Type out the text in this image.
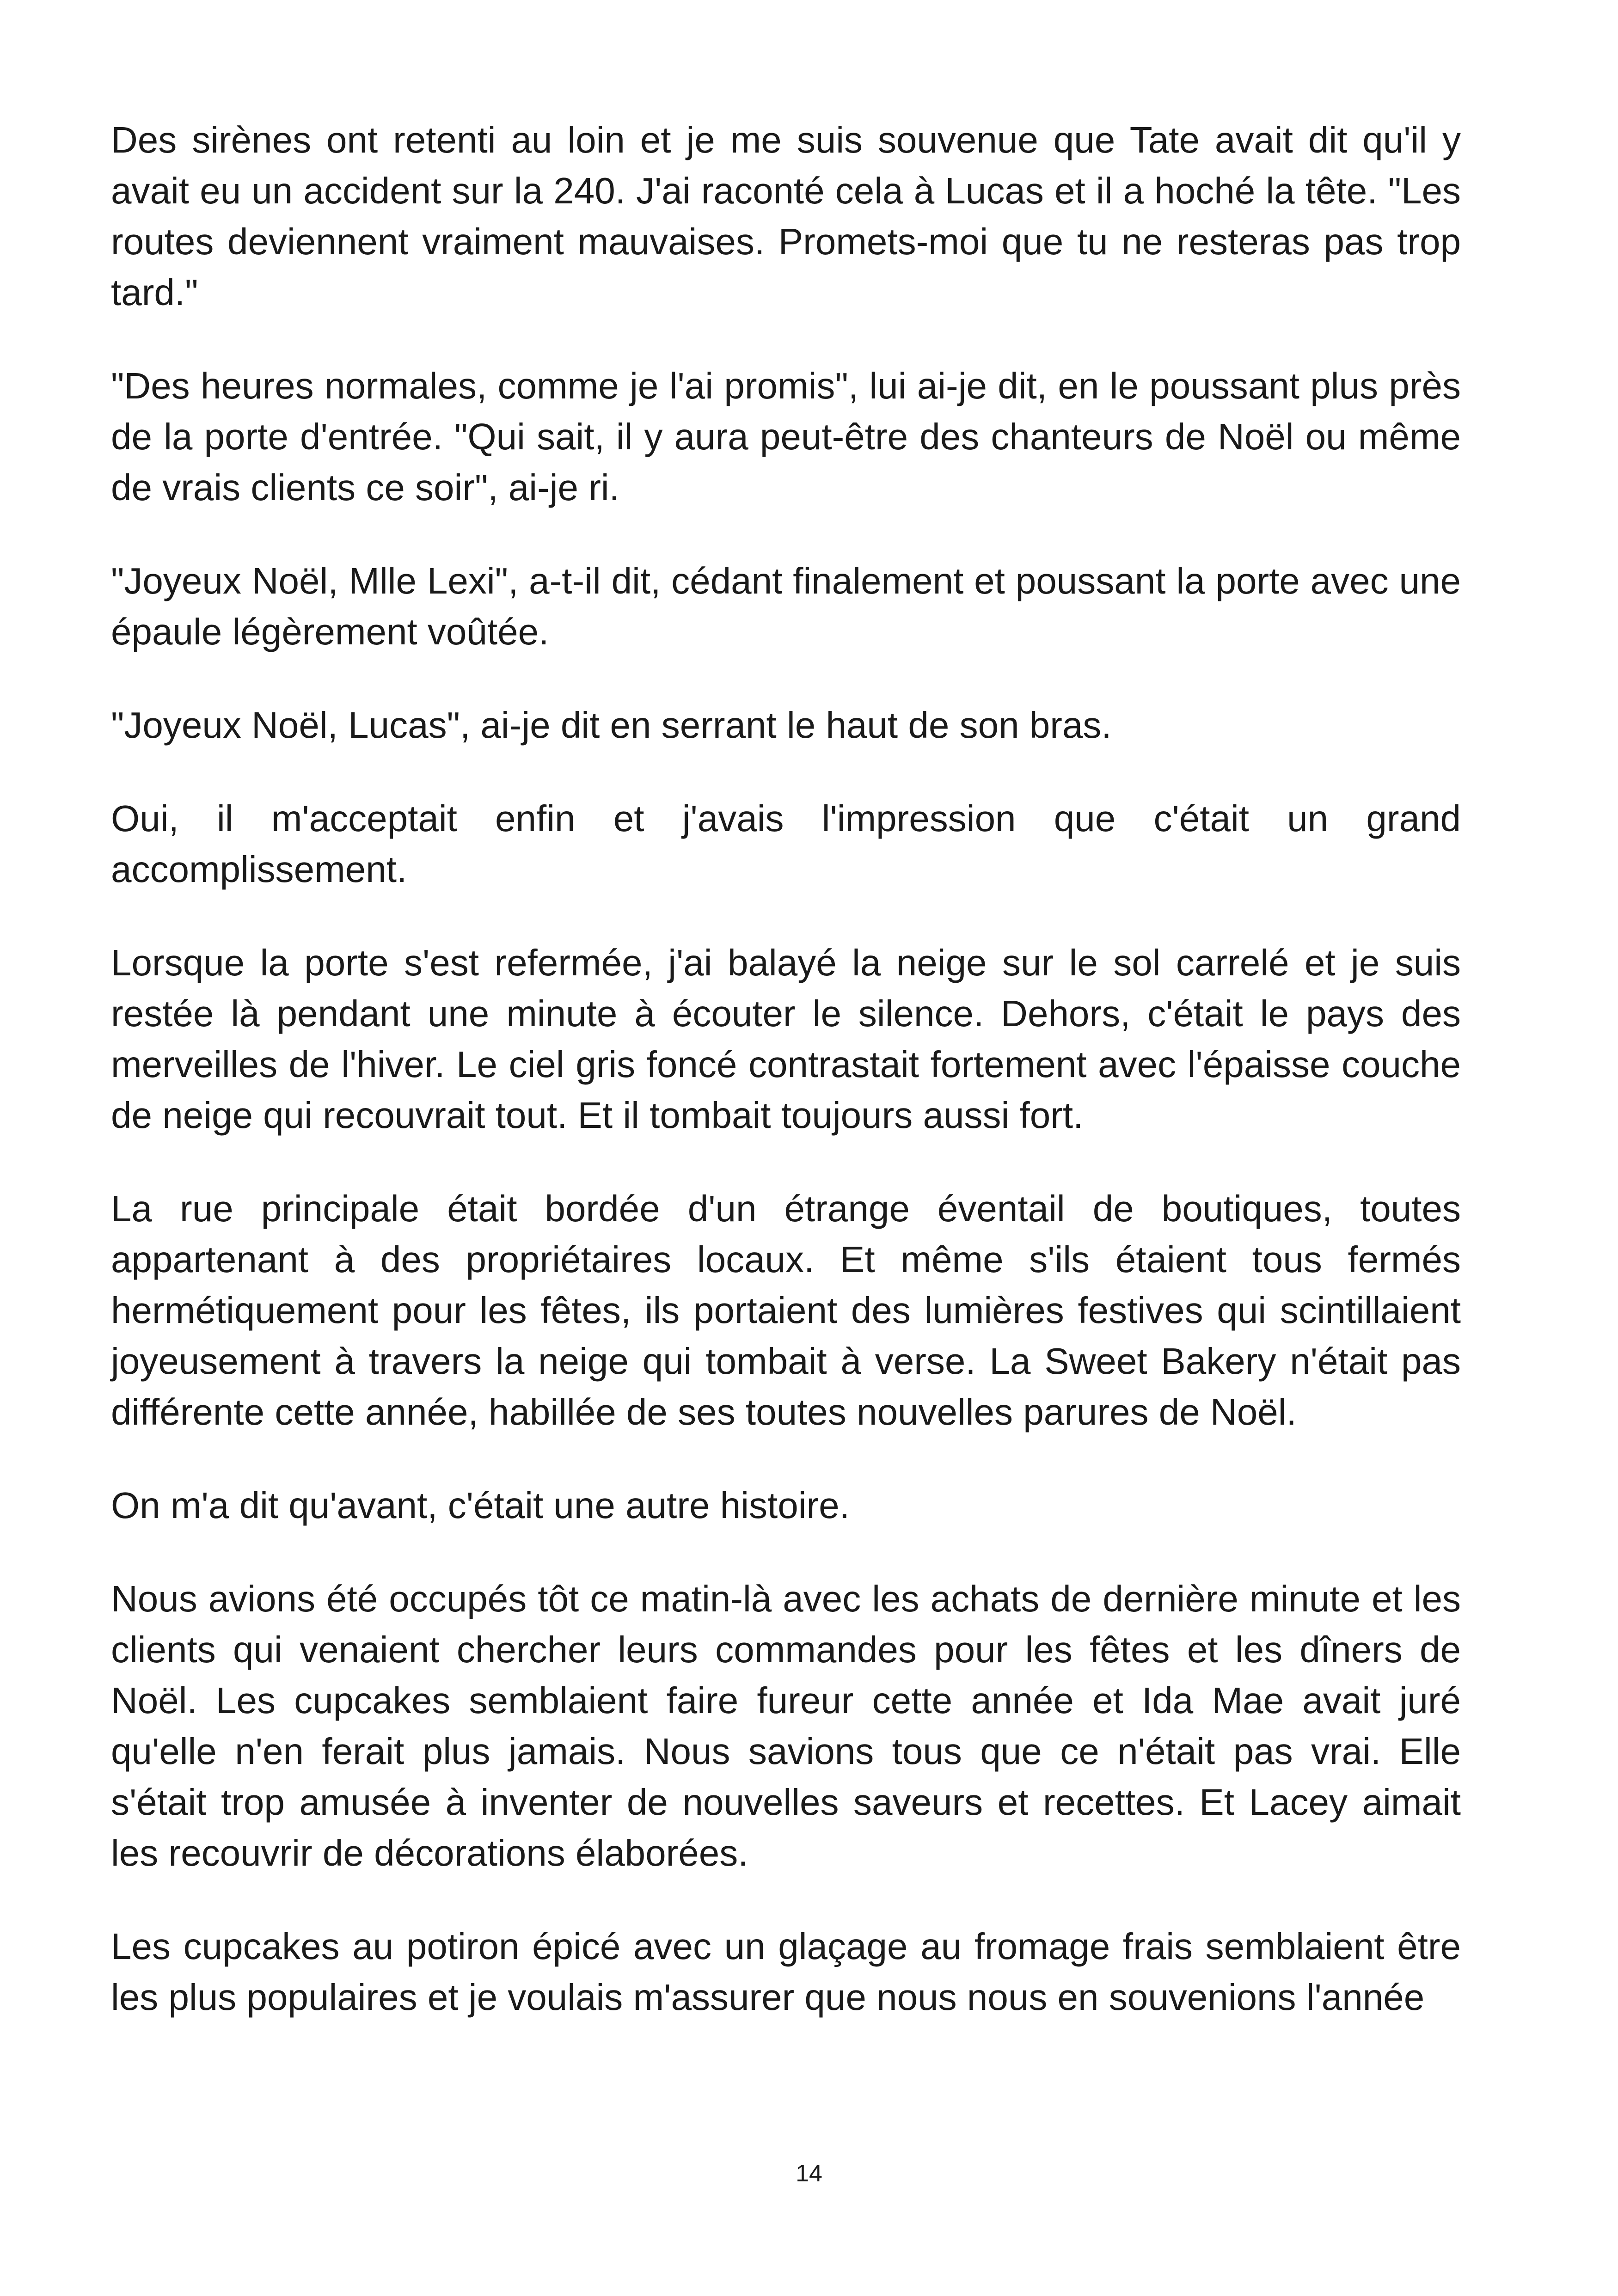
Des sirènes ont retenti au loin et je me suis souvenue que Tate avait dit qu'il y avait eu un accident sur la 240. J'ai raconté cela à Lucas et il a hoché la tête. "Les routes deviennent vraiment mauvaises. Promets-moi que tu ne resteras pas trop tard."

"Des heures normales, comme je l'ai promis", lui ai-je dit, en le poussant plus près de la porte d'entrée. "Qui sait, il y aura peut-être des chanteurs de Noël ou même de vrais clients ce soir", ai-je ri.

"Joyeux Noël, Mlle Lexi", a-t-il dit, cédant finalement et poussant la porte avec une épaule légèrement voûtée.

"Joyeux Noël, Lucas", ai-je dit en serrant le haut de son bras.

Oui, il m'acceptait enfin et j'avais l'impression que c'était un grand accomplissement.

Lorsque la porte s'est refermée, j'ai balayé la neige sur le sol carrelé et je suis restée là pendant une minute à écouter le silence. Dehors, c'était le pays des merveilles de l'hiver. Le ciel gris foncé contrastait fortement avec l'épaisse couche de neige qui recouvrait tout. Et il tombait toujours aussi fort.

La rue principale était bordée d'un étrange éventail de boutiques, toutes appartenant à des propriétaires locaux. Et même s'ils étaient tous fermés hermétiquement pour les fêtes, ils portaient des lumières festives qui scintillaient joyeusement à travers la neige qui tombait à verse. La Sweet Bakery n'était pas différente cette année, habillée de ses toutes nouvelles parures de Noël.

On m'a dit qu'avant, c'était une autre histoire.

Nous avions été occupés tôt ce matin-là avec les achats de dernière minute et les clients qui venaient chercher leurs commandes pour les fêtes et les dîners de Noël. Les cupcakes semblaient faire fureur cette année et Ida Mae avait juré qu'elle n'en ferait plus jamais. Nous savions tous que ce n'était pas vrai. Elle s'était trop amusée à inventer de nouvelles saveurs et recettes. Et Lacey aimait les recouvrir de décorations élaborées.

Les cupcakes au potiron épicé avec un glaçage au fromage frais semblaient être les plus populaires et je voulais m'assurer que nous nous en souvenions l'année

14
